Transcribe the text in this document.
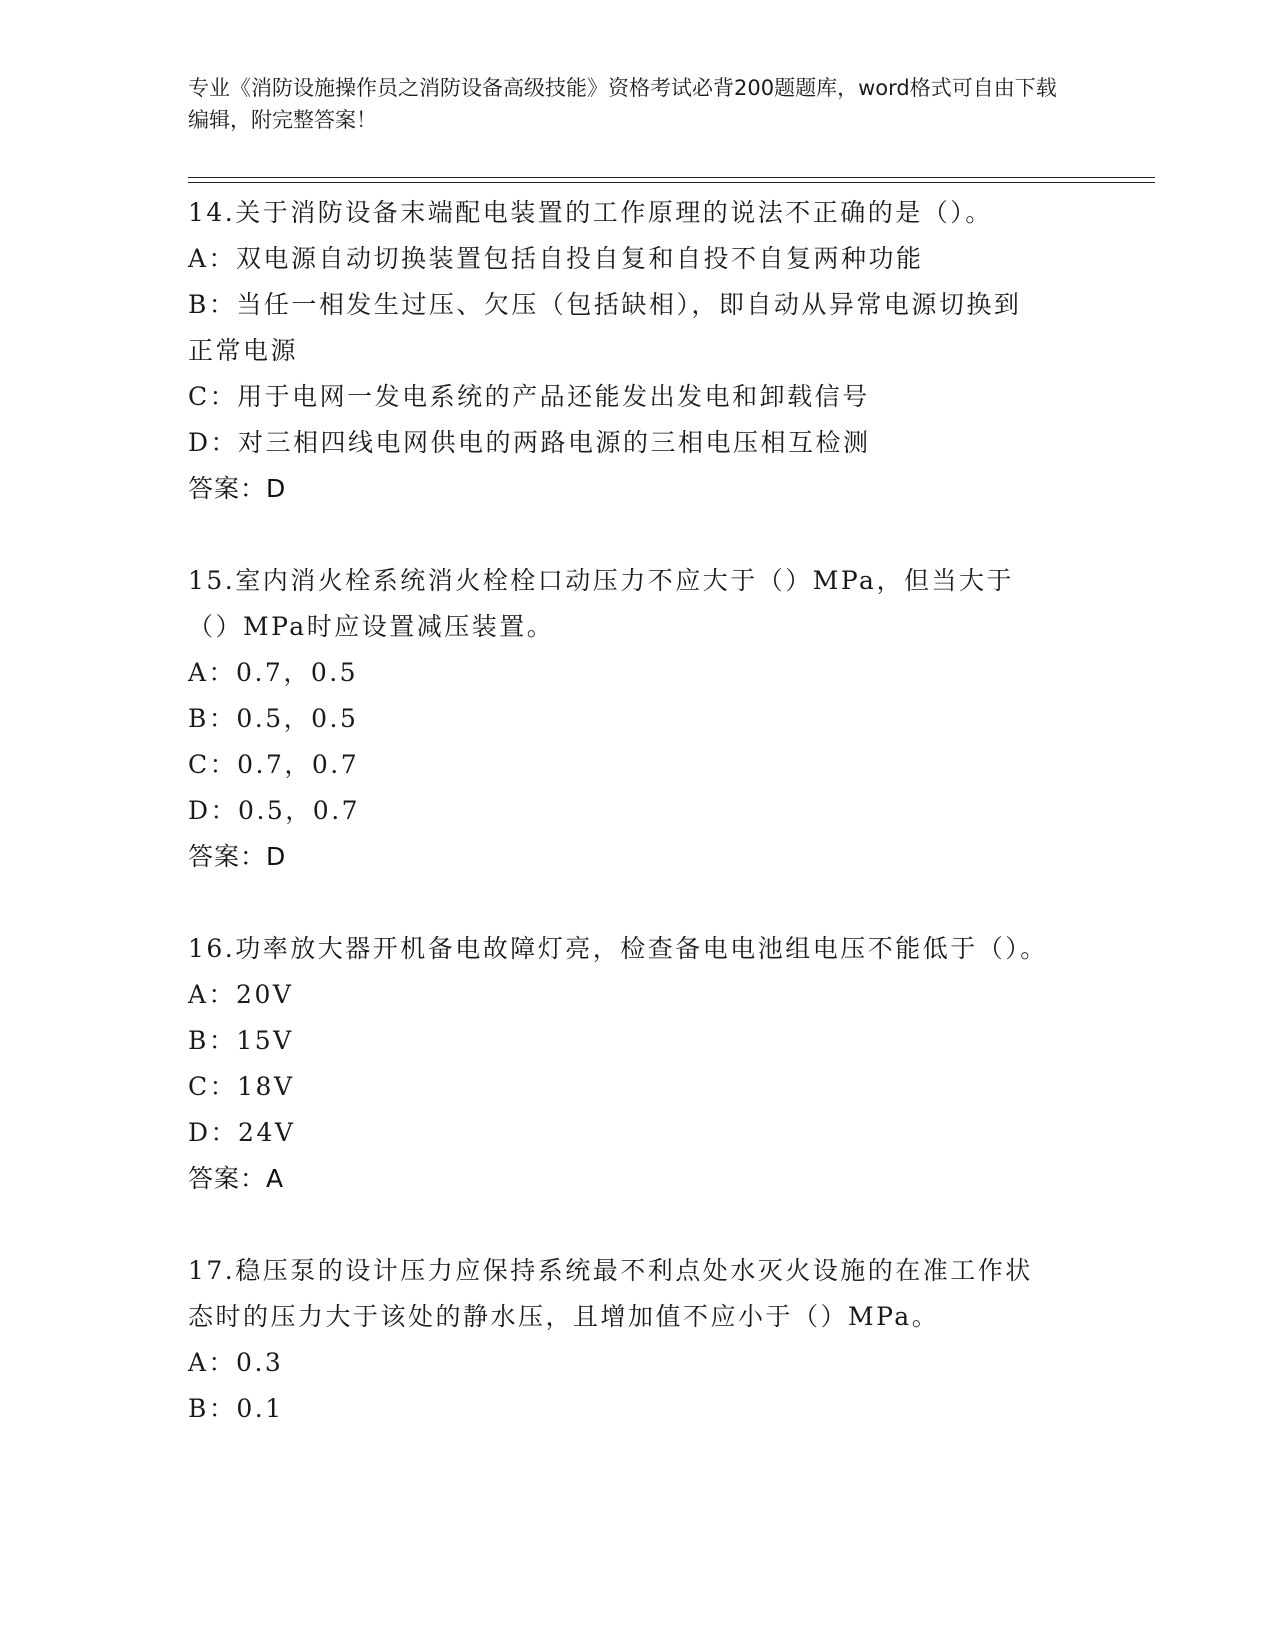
专业《消防设施操作员之消防设备高级技能》资格考试必背200题题库，word格式可自由下载编辑，附完整答案！

14.关于消防设备末端配电装置的工作原理的说法不正确的是（）。

A：双电源自动切换装置包括自投自复和自投不自复两种功能

B：当任一相发生过压、欠压（包括缺相），即自动从异常电源切换到正常电源

C：用于电网一发电系统的产品还能发出发电和卸载信号

D：对三相四线电网供电的两路电源的三相电压相互检测

答案：D

15.室内消火栓系统消火栓栓口动压力不应大于（）MPa，但当大于（）MPa时应设置减压装置。

A：0.7，0.5

B：0.5，0.5

C：0.7，0.7

D：0.5，0.7

答案：D

16.功率放大器开机备电故障灯亮，检查备电电池组电压不能低于（）。

A：20V

B：15V

C：18V

D：24V

答案：A

17.稳压泵的设计压力应保持系统最不利点处水灭火设施的在准工作状态时的压力大于该处的静水压，且增加值不应小于（）MPa。

A：0.3

B：0.1
